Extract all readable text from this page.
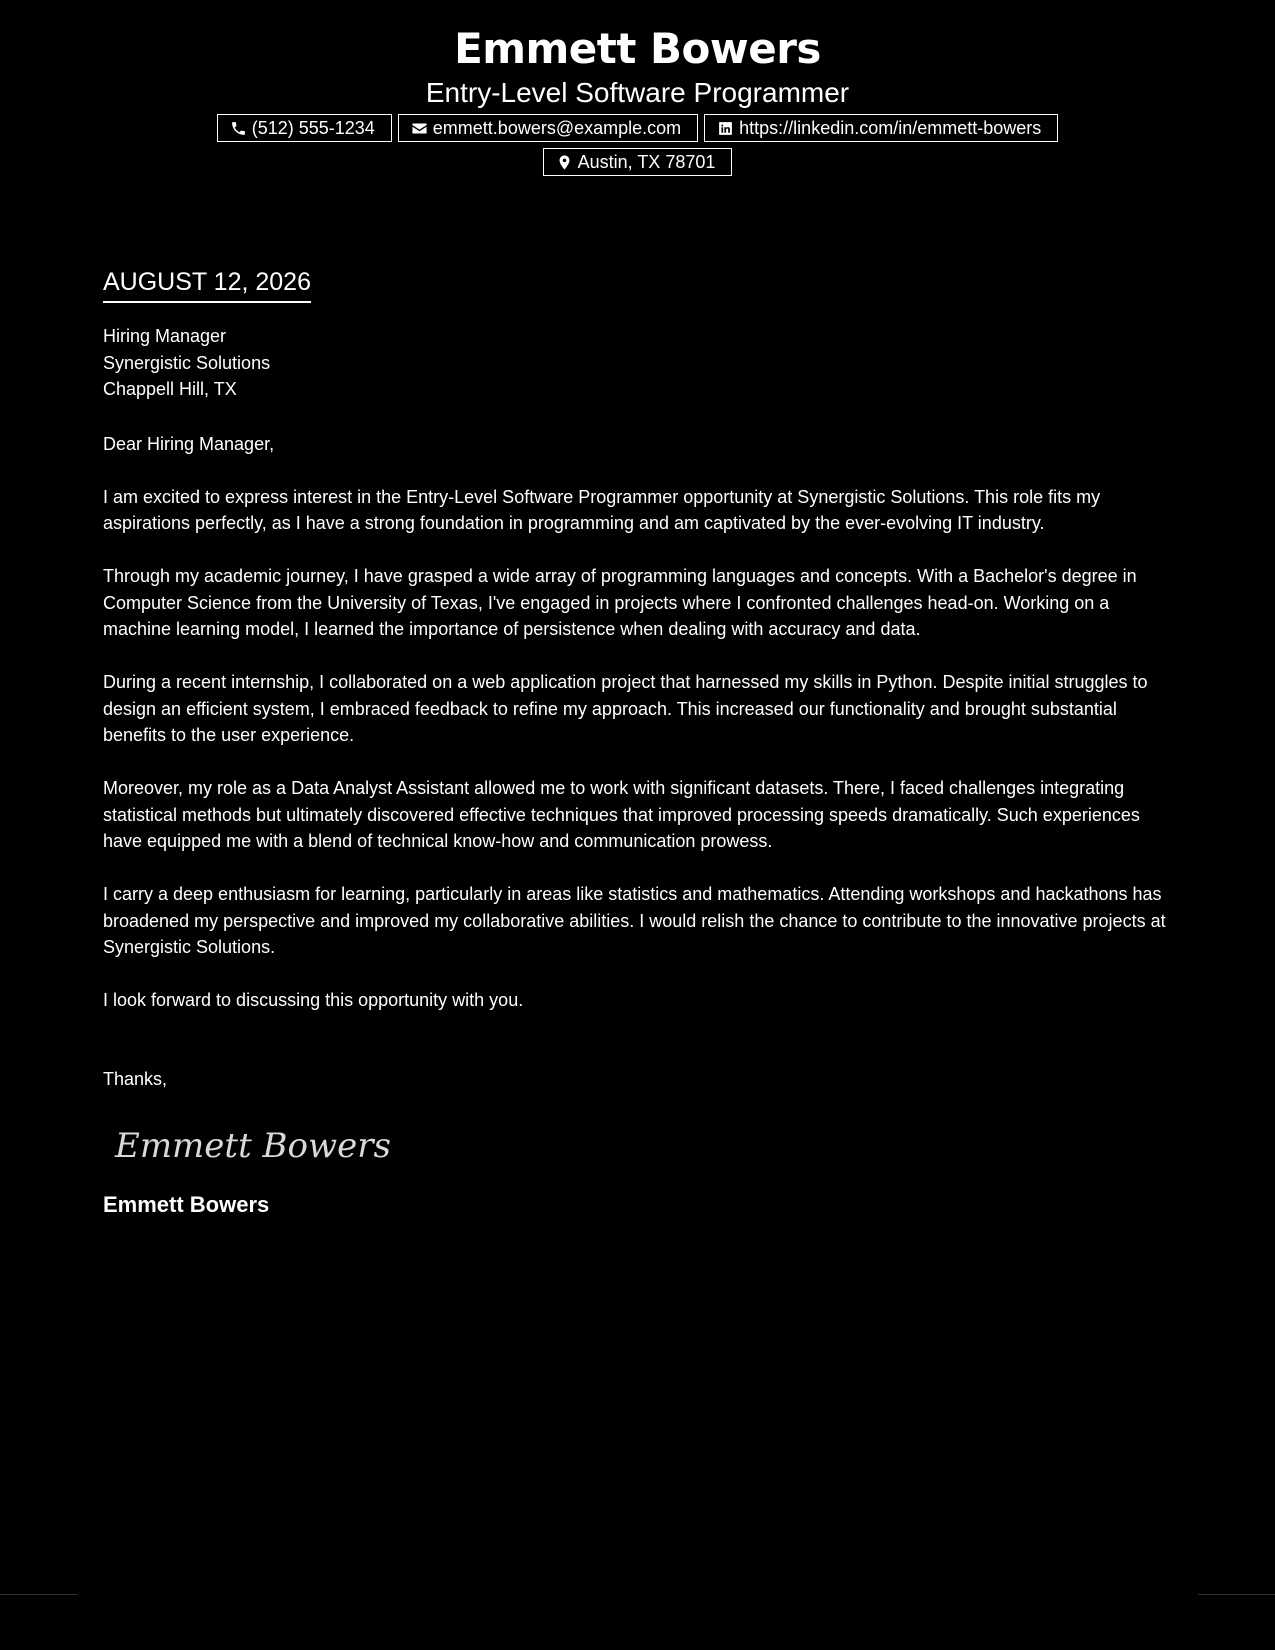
Emmett Bowers
Entry-Level Software Programmer
(512) 555-1234	emmett.bowers@example.com	https://linkedin.com/in/emmett-bowers
Austin, TX 78701
AUGUST 12, 2026
Hiring Manager
Synergistic Solutions
Chappell Hill, TX
Dear Hiring Manager,

I am excited to express interest in the Entry-Level Software Programmer opportunity at Synergistic Solutions. This role fits my aspirations perfectly, as I have a strong foundation in programming and am captivated by the ever-evolving IT industry.

Through my academic journey, I have grasped a wide array of programming languages and concepts. With a Bachelor's degree in Computer Science from the University of Texas, I've engaged in projects where I confronted challenges head-on. Working on a machine learning model, I learned the importance of persistence when dealing with accuracy and data.

During a recent internship, I collaborated on a web application project that harnessed my skills in Python. Despite initial struggles to design an efficient system, I embraced feedback to refine my approach. This increased our functionality and brought substantial benefits to the user experience.

Moreover, my role as a Data Analyst Assistant allowed me to work with significant datasets. There, I faced challenges integrating statistical methods but ultimately discovered effective techniques that improved processing speeds dramatically. Such experiences have equipped me with a blend of technical know-how and communication prowess.

I carry a deep enthusiasm for learning, particularly in areas like statistics and mathematics. Attending workshops and hackathons has broadened my perspective and improved my collaborative abilities. I would relish the chance to contribute to the innovative projects at Synergistic Solutions.

I look forward to discussing this opportunity with you.

Thanks,
Emmett Bowers
Emmett Bowers
